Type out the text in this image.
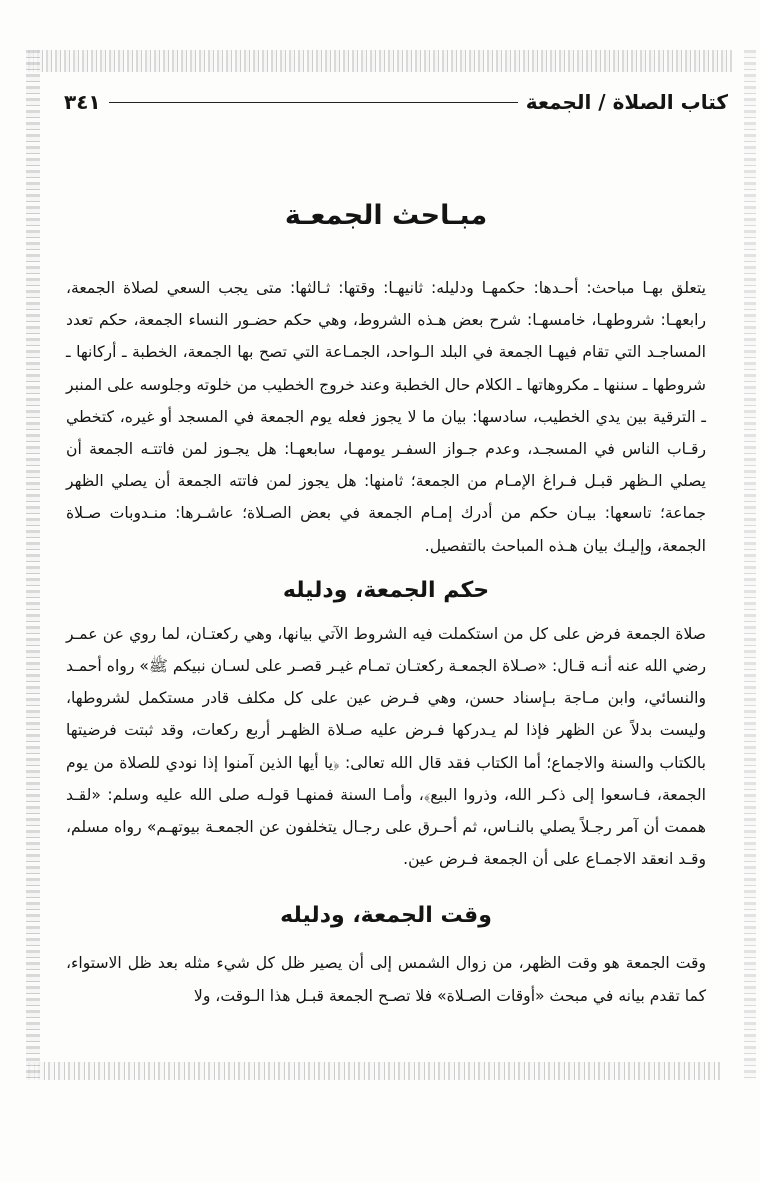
كتاب الصلاة / الجمعة
٣٤١
مبـاحث الجمعـة

يتعلق بهـا مباحث: أحـدها: حكمهـا ودليله: ثانيهـا: وقتها: ثـالثها: متى يجب السعي لصلاة الجمعة، رابعهـا: شروطهـا، خامسهـا: شرح بعض هـذه الشروط، وهي حكم حضـور النساء الجمعة، حكم تعدد المساجـد التي تقام فيهـا الجمعة في البلد الـواحد، الجمـاعة التي تصح بها الجمعة، الخطبة ـ أركانها ـ شروطها ـ سننها ـ مكروهاتها ـ الكلام حال الخطبة وعند خروج الخطيب من خلوته وجلوسه على المنبر ـ الترقية بين يدي الخطيب، سادسها: بيان ما لا يجوز فعله يوم الجمعة في المسجد أو غيره، كتخطي رقـاب الناس في المسجـد، وعدم جـواز السفـر يومهـا، سابعهـا: هل يجـوز لمن فاتتـه الجمعة أن يصلي الـظهر قبـل فـراغ الإمـام من الجمعة؛ ثامنها: هل يجوز لمن فاتته الجمعة أن يصلي الظهر جماعة؛ تاسعها: بيـان حكم من أدرك إمـام الجمعة في بعض الصـلاة؛ عاشـرها: منـدوبات صـلاة الجمعة، وإليـك بيان هـذه المباحث بالتفصيل.

حكم الجمعة، ودليله

صلاة الجمعة فرض على كل من استكملت فيه الشروط الآتي بيانها، وهي ركعتـان، لما روي عن عمـر رضي الله عنه أنـه قـال: «صـلاة الجمعـة ركعتـان تمـام غيـر قصـر على لسـان نبيكم ﷺ» رواه أحمـد والنسائي، وابن مـاجة بـإسناد حسن، وهي فـرض عين على كل مكلف قادر مستكمل لشروطها، وليست بدلاً عن الظهر فإذا لم يـدركها فـرض عليه صـلاة الظهـر أربع ركعات، وقد ثبتت فرضيتها بالكتاب والسنة والاجماع؛ أما الكتاب فقد قال الله تعالى: ﴿يا أيها الذين آمنوا إذا نودي للصلاة من يوم الجمعة، فـاسعوا إلى ذكـر الله، وذروا البيع﴾، وأمـا السنة فمنهـا قولـه صلى الله عليه وسلم: «لقـد هممت أن آمر رجـلاً يصلي بالنـاس، ثم أحـرق على رجـال يتخلفون عن الجمعـة بيوتهـم» رواه مسلم، وقـد انعقد الاجمـاع على أن الجمعة فـرض عين.

وقت الجمعة، ودليله

وقت الجمعة هو وقت الظهر، من زوال الشمس إلى أن يصير ظل كل شيء مثله بعد ظل الاستواء، كما تقدم بيانه في مبحث «أوقات الصـلاة» فلا تصـح الجمعة قبـل هذا الـوقت، ولا
